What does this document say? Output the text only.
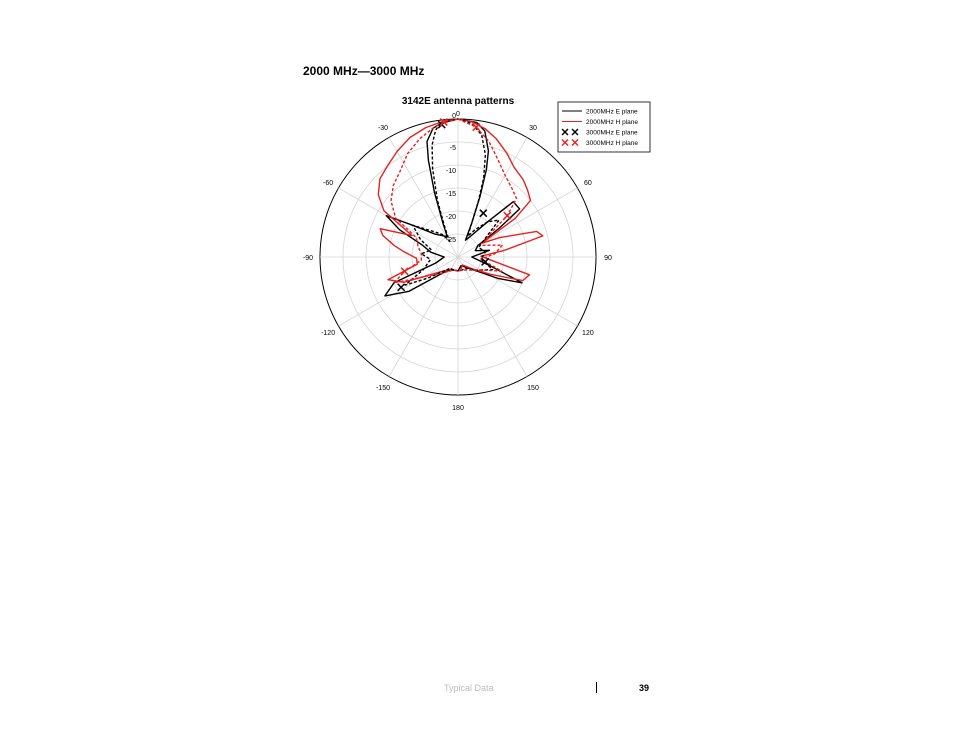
2000 MHz—3000 MHz
3142E antenna patterns
0
30
60
90
120
150
180
-150
-120
-90
-60
-30
0
-5
-10
-15
-20
-25
2000MHz E plane
2000MHz H plane
3000MHz E plane
3000MHz H plane
Typical Data	39
